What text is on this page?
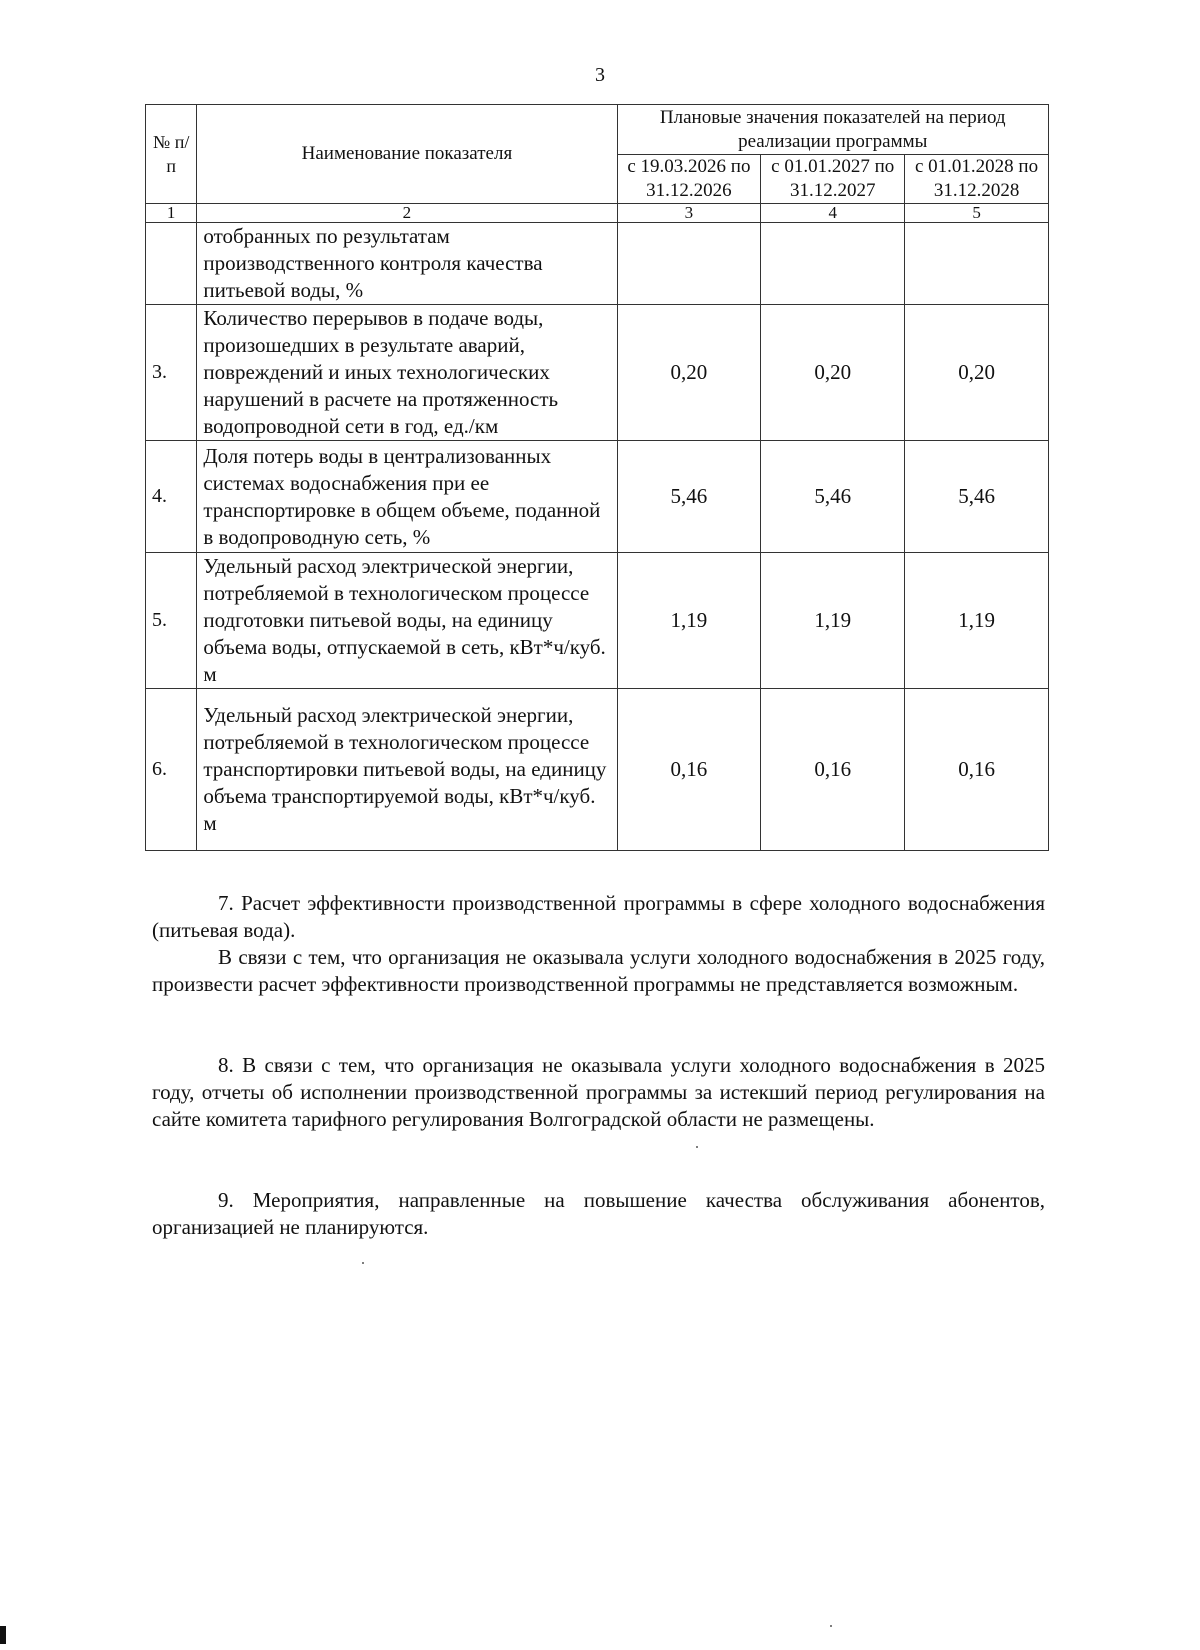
3
№ п/п	Наименование показателя	Плановые значения показателей на период реализации программы		
		с 19.03.2026 по 31.12.2026	с 01.01.2027 по 31.12.2027	с 01.01.2028 по 31.12.2028
1	2	3	4	5
	отобранных по результатам производственного контроля качества питьевой воды, %			
3.	Количество перерывов в подаче воды, произошедших в результате аварий, повреждений и иных технологических нарушений в расчете на протяженность водопроводной сети в год, ед./км	0,20	0,20	0,20
4.	Доля потерь воды в централизованных системах водоснабжения при ее транспортировке в общем объеме, поданной в водопроводную сеть, %	5,46	5,46	5,46
5.	Удельный расход электрической энергии, потребляемой в технологическом процессе подготовки питьевой воды, на единицу объема воды, отпускаемой в сеть, кВт*ч/куб. м	1,19	1,19	1,19
6.	Удельный расход электрической энергии, потребляемой в технологическом процессе транспортировки питьевой воды, на единицу объема транспортируемой воды, кВт*ч/куб. м	0,16	0,16	0,16

7. Расчет эффективности производственной программы в сфере холодного водоснабжения (питьевая вода).

В связи с тем, что организация не оказывала услуги холодного водоснабжения в 2025 году, произвести расчет эффективности производственной программы не представляется возможным.

8. В связи с тем, что организация не оказывала услуги холодного водоснабжения в 2025 году, отчеты об исполнении производственной программы за истекший период регулирования на сайте комитета тарифного регулирования Волгоградской области не размещены.

9. Мероприятия, направленные на повышение качества обслуживания абонентов, организацией не планируются.
